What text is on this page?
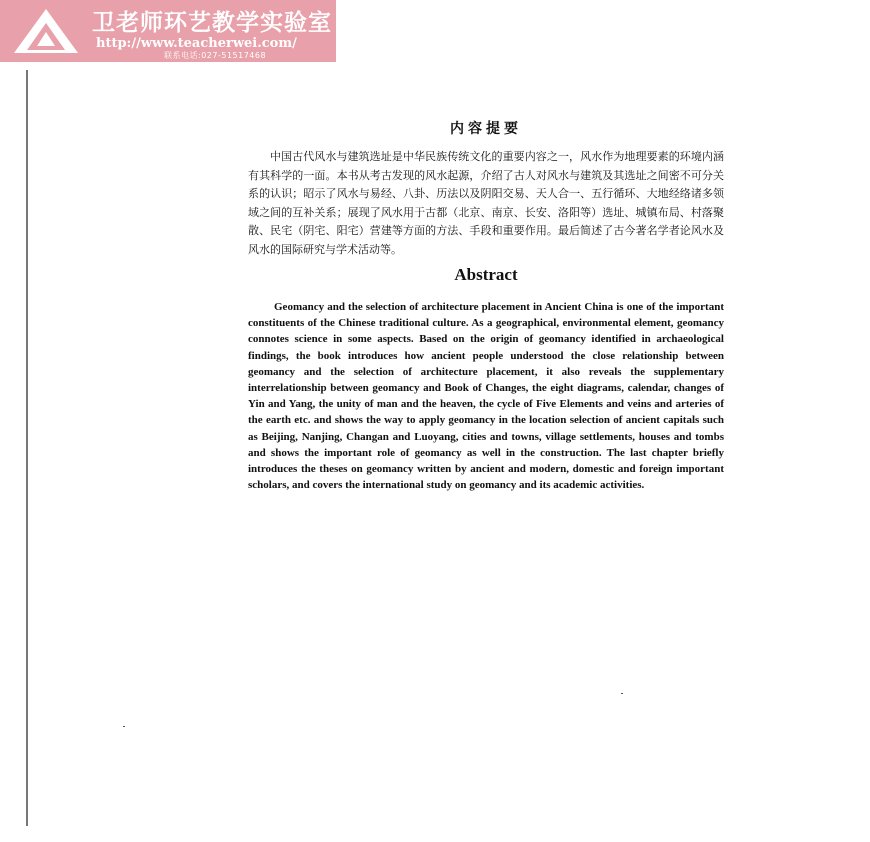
卫老师环艺教学实验室
http://www.teacherwei.com/
联系电话:027-51517468
内容提要

中国古代风水与建筑选址是中华民族传统文化的重要内容之一，风水作为地理要素的环境内涵有其科学的一面。本书从考古发现的风水起源，介绍了古人对风水与建筑及其选址之间密不可分关系的认识；昭示了风水与易经、八卦、历法以及阴阳交易、天人合一、五行循环、大地经络诸多领域之间的互补关系；展现了风水用于古都（北京、南京、长安、洛阳等）选址、城镇布局、村落聚散、民宅（阴宅、阳宅）营建等方面的方法、手段和重要作用。最后简述了古今著名学者论风水及风水的国际研究与学术活动等。

Abstract

Geomancy and the selection of architecture placement in Ancient China is one of the important constituents of the Chinese traditional culture. As a geographical, environmental element, geomancy connotes science in some aspects. Based on the origin of geomancy identified in archaeological findings, the book introduces how ancient people understood the close relationship between geomancy and the selection of architecture placement, it also reveals the supplementary interrelationship between geomancy and Book of Changes, the eight diagrams, calendar, changes of Yin and Yang, the unity of man and the heaven, the cycle of Five Elements and veins and arteries of the earth etc. and shows the way to apply geomancy in the location selection of ancient capitals such as Beijing, Nanjing, Changan and Luoyang, cities and towns, village settlements, houses and tombs and shows the important role of geomancy as well in the construction. The last chapter briefly introduces the theses on geomancy written by ancient and modern, domestic and foreign important scholars, and covers the international study on geomancy and its academic activities.
